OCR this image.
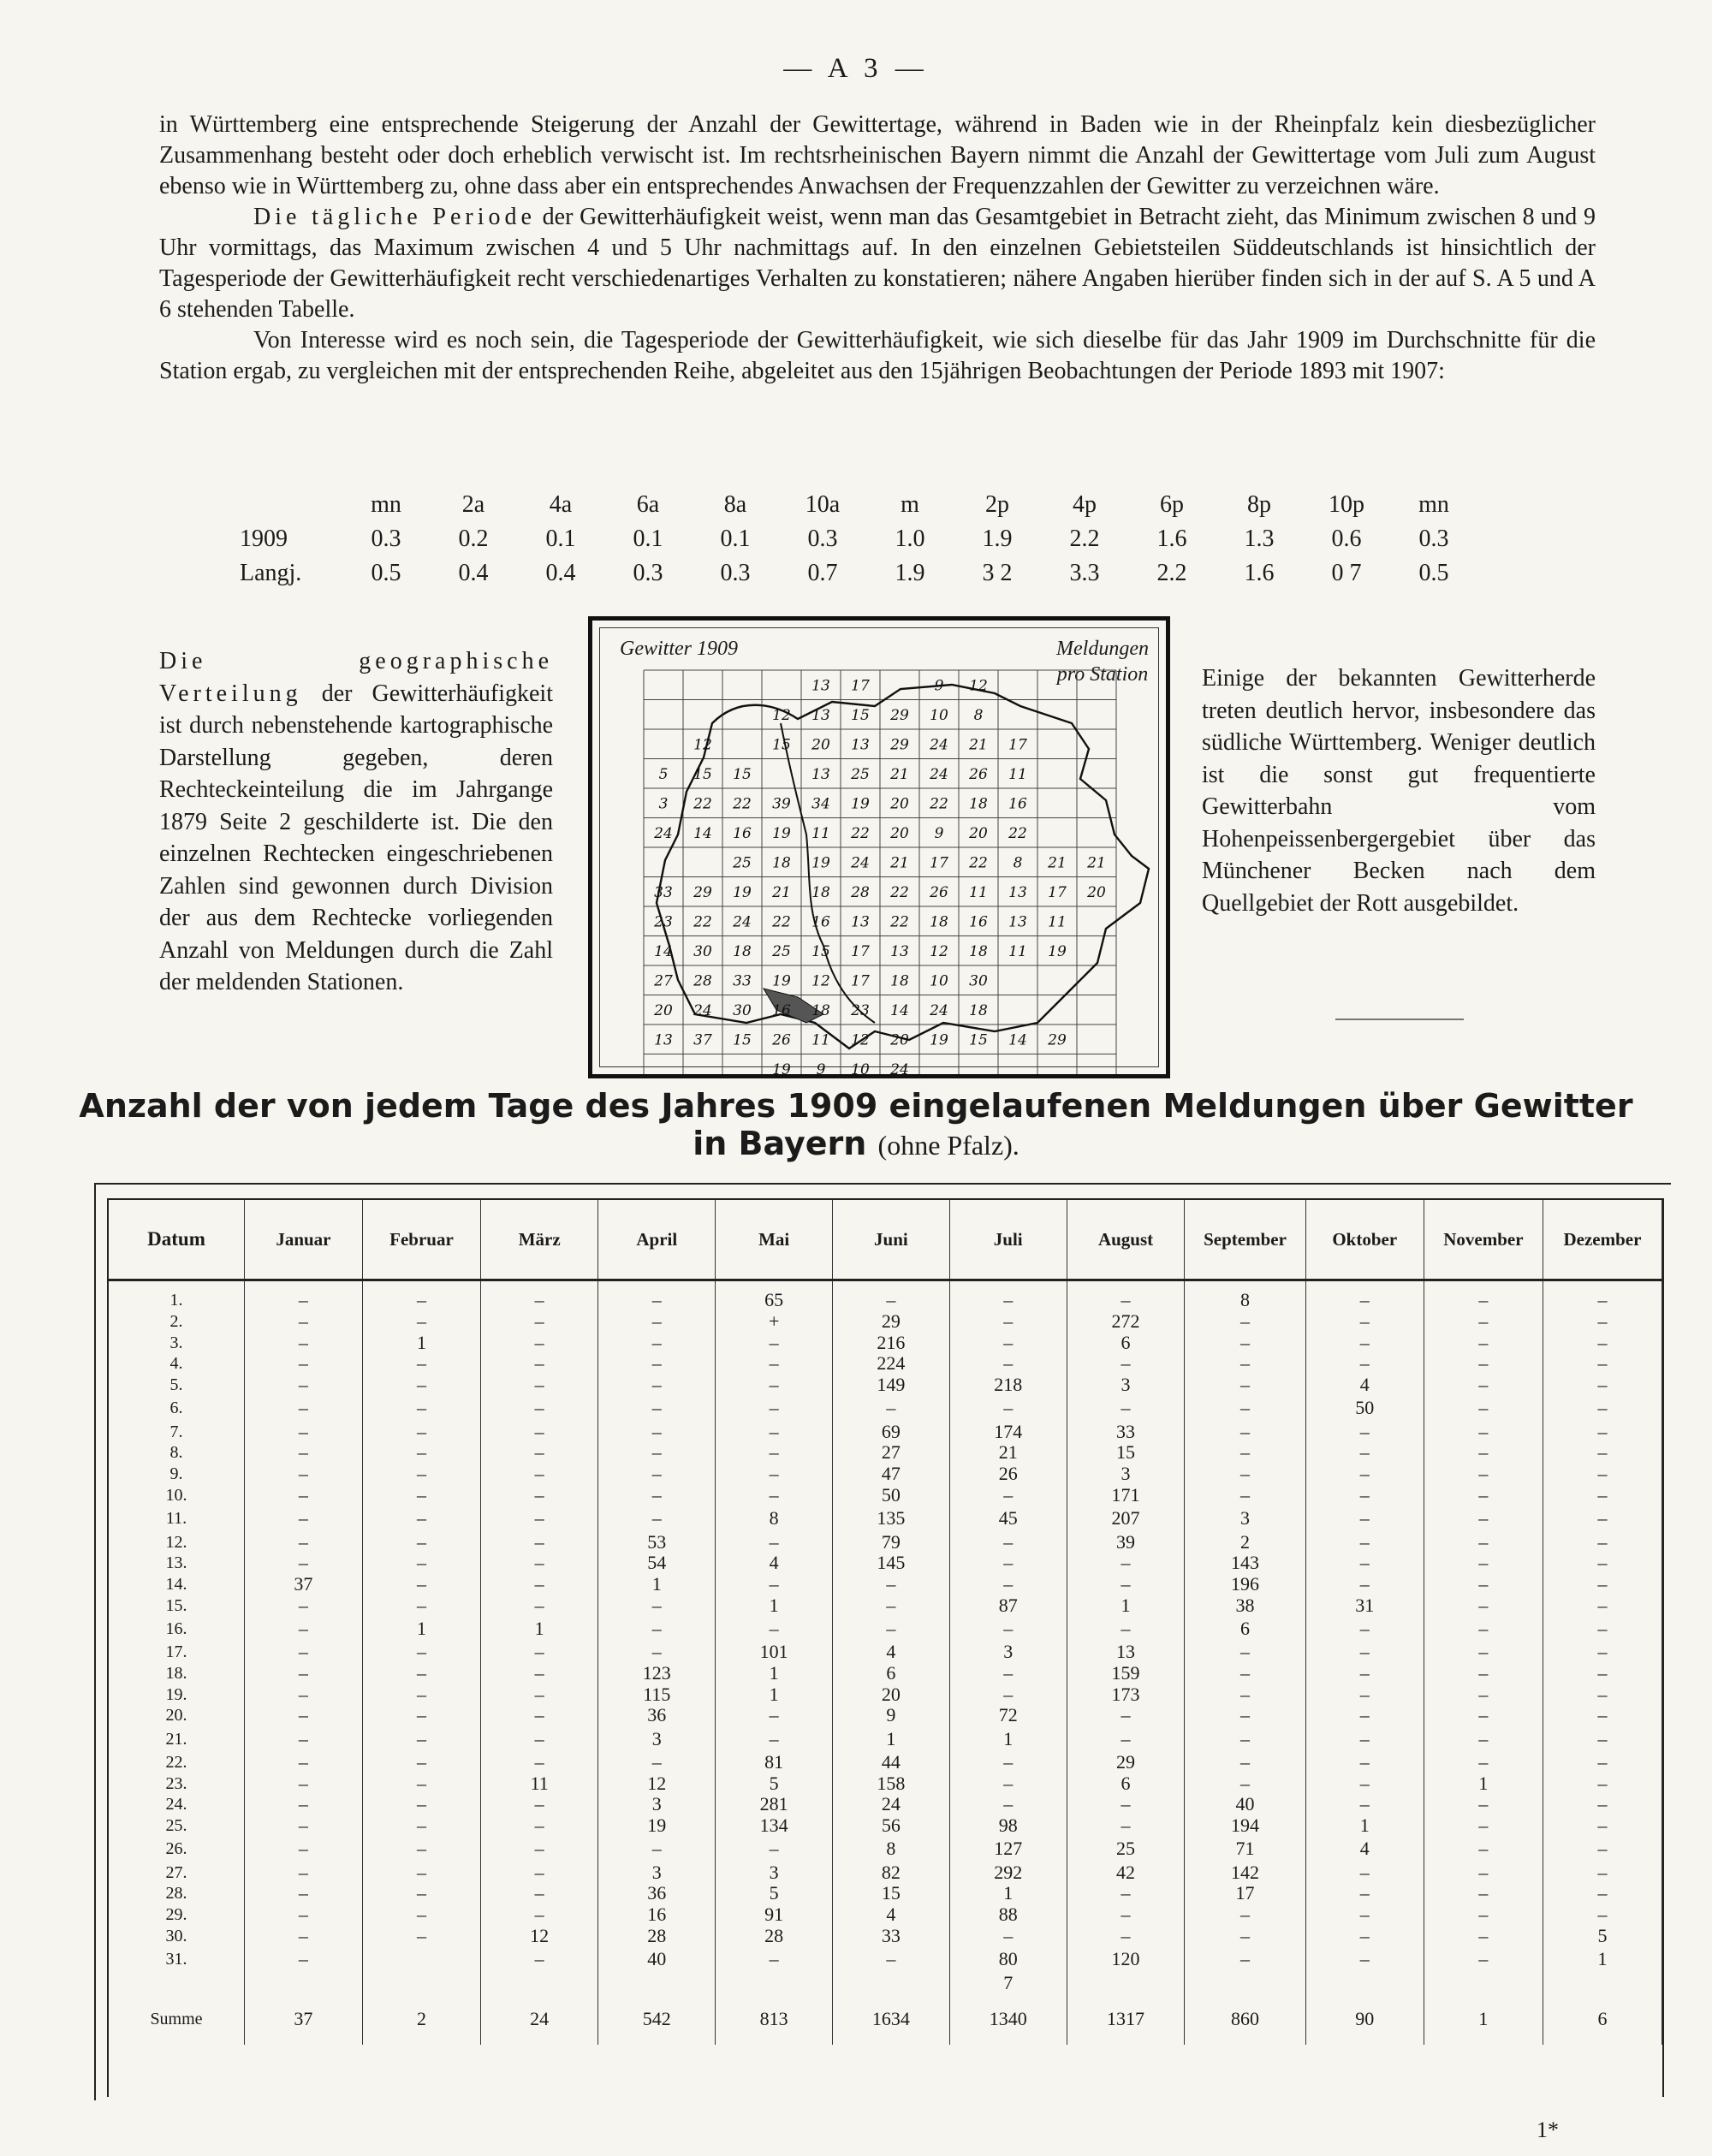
— A 3 —

in Württemberg eine entsprechende Steigerung der Anzahl der Gewittertage, während in Baden wie in der Rheinpfalz kein diesbezüglicher Zusammenhang besteht oder doch erheblich verwischt ist. Im rechtsrheinischen Bayern nimmt die Anzahl der Gewittertage vom Juli zum August ebenso wie in Württemberg zu, ohne dass aber ein entsprechendes Anwachsen der Frequenzzahlen der Gewitter zu verzeichnen wäre.

Die tägliche Periode der Gewitterhäufigkeit weist, wenn man das Gesamtgebiet in Betracht zieht, das Minimum zwischen 8 und 9 Uhr vormittags, das Maximum zwischen 4 und 5 Uhr nachmittags auf. In den einzelnen Gebietsteilen Süddeutschlands ist hinsichtlich der Tagesperiode der Gewitterhäufigkeit recht verschiedenartiges Verhalten zu konstatieren; nähere Angaben hierüber finden sich in der auf S. A 5 und A 6 stehenden Tabelle.

Von Interesse wird es noch sein, die Tagesperiode der Gewitterhäufigkeit, wie sich dieselbe für das Jahr 1909 im Durchschnitte für die Station ergab, zu vergleichen mit der entsprechenden Reihe, abgeleitet aus den 15jährigen Beobachtungen der Periode 1893 mit 1907:

	mn	2a	4a	6a	8a	10a	m	2p	4p	6p	8p	10p	mn
1909	0.3	0.2	0.1	0.1	0.1	0.3	1.0	1.9	2.2	1.6	1.3	0.6	0.3
Langj.	0.5	0.4	0.4	0.3	0.3	0.7	1.9	3 2	3.3	2.2	1.6	0 7	0.5
Die geographische Verteilung der Gewitterhäufigkeit ist durch nebenstehende kartographische Darstellung gegeben, deren Rechteckeinteilung die im Jahrgange 1879 Seite 2 geschilderte ist. Die den einzelnen Rechtecken eingeschriebenen Zahlen sind gewonnen durch Division der aus dem Rechtecke vorliegenden Anzahl von Meldungen durch die Zahl der meldenden Stationen.
Gewitter 1909	Meldungen
pro Station
13 17	9 12
12 13 15 29 10 8
12	15 20 13 29 24 21 17
5 15 15	13 25 21 24 26 11
3 22 22 39 34 19 20 22 18 16
24 14 16 19 11 22 20 9 20 22
25 18 19 24 21 17 22 8 21 21
33 29 19 21 18 28 22 26 11 13 17 20
23 22 24 22 16 13 22 18 16 13 11
14 30 18 25 15 17 13 12 18 11 19
27 28 33 19 12 17 18 10 30
20 24 30 16 18 23 14 24 18
13 37 15 26 11 12 20 19 15 14 29
19 9 10 24
Einige der bekannten Gewitterherde treten deutlich hervor, insbesondere das südliche Württemberg. Weniger deutlich ist die sonst gut frequentierte Gewitterbahn vom Hohenpeissenbergergebiet über das Münchener Becken nach dem Quellgebiet der Rott ausgebildet.
Anzahl der von jedem Tage des Jahres 1909 eingelaufenen Meldungen über Gewitter
in Bayern (ohne Pfalz).
Datum	Januar	Februar	März	April	Mai	Juni	Juli	August	September	Oktober	November	Dezember

1.	–	–	–	–	65	–	–	–	8	–	–	–
2.	–	–	–	–	+	29	–	272	–	–	–	–
3.	–	1	–	–	–	216	–	6	–	–	–	–
4.	–	–	–	–	–	224	–	–	–	–	–	–
5.	–	–	–	–	–	149	218	3	–	4	–	–
6.	–	–	–	–	–	–	–	–	–	50	–	–
7.	–	–	–	–	–	69	174	33	–	–	–	–
8.	–	–	–	–	–	27	21	15	–	–	–	–
9.	–	–	–	–	–	47	26	3	–	–	–	–
10.	–	–	–	–	–	50	–	171	–	–	–	–
11.	–	–	–	–	8	135	45	207	3	–	–	–
12.	–	–	–	53	–	79	–	39	2	–	–	–
13.	–	–	–	54	4	145	–	–	143	–	–	–
14.	37	–	–	1	–	–	–	–	196	–	–	–
15.	–	–	–	–	1	–	87	1	38	31	–	–
16.	–	1	1	–	–	–	–	–	6	–	–	–
17.	–	–	–	–	101	4	3	13	–	–	–	–
18.	–	–	–	123	1	6	–	159	–	–	–	–
19.	–	–	–	115	1	20	–	173	–	–	–	–
20.	–	–	–	36	–	9	72	–	–	–	–	–
21.	–	–	–	3	–	1	1	–	–	–	–	–
22.	–	–	–	–	81	44	–	29	–	–	–	–
23.	–	–	11	12	5	158	–	6	–	–	1	–
24.	–	–	–	3	281	24	–	–	40	–	–	–
25.	–	–	–	19	134	56	98	–	194	1	–	–
26.	–	–	–	–	–	8	127	25	71	4	–	–
27.	–	–	–	3	3	82	292	42	142	–	–	–
28.	–	–	–	36	5	15	1	–	17	–	–	–
29.	–	–	–	16	91	4	88	–	–	–	–	–
30.	–	–	12	28	28	33	–	–	–	–	–	5
31.	–		–	40	–	–	80	120	–	–	–	1
							7					
Summe	37	2	24	542	813	1634	1340	1317	860	90	1	6
1*
